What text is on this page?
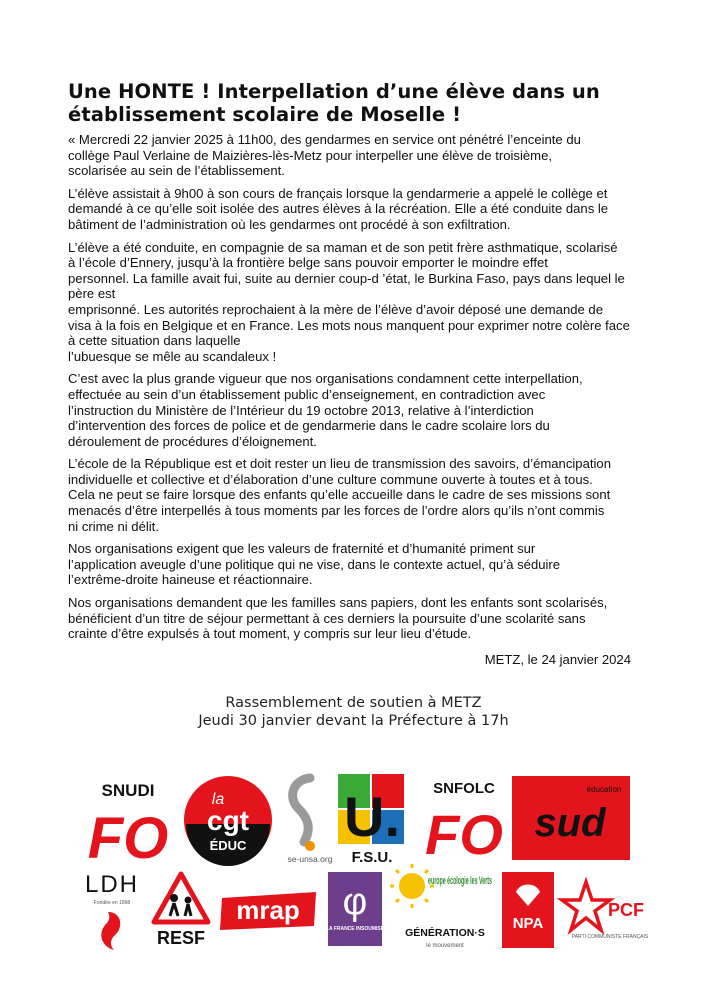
Une HONTE ! Interpellation d’une élève dans un
établissement scolaire de Moselle !
« Mercredi 22 janvier 2025 à 11h00, des gendarmes en service ont pénétré l’enceinte du
collège Paul Verlaine de Maizières-lès-Metz pour interpeller une élève de troisième,
scolarisée au sein de l’établissement.
L’élève assistait à 9h00 à son cours de français lorsque la gendarmerie a appelé le collège et
demandé à ce qu’elle soit isolée des autres élèves à la récréation. Elle a été conduite dans le
bâtiment de l’administration où les gendarmes ont procédé à son exfiltration.
L’élève a été conduite, en compagnie de sa maman et de son petit frère asthmatique, scolarisé
à l’école d’Ennery, jusqu’à la frontière belge sans pouvoir emporter le moindre effet
personnel. La famille avait fui, suite au dernier coup-d ’état, le Burkina Faso, pays dans lequel le
père est
emprisonné. Les autorités reprochaient à la mère de l’élève d’avoir déposé une demande de
visa à la fois en Belgique et en France. Les mots nous manquent pour exprimer notre colère face
à cette situation dans laquelle
l’ubuesque se mêle au scandaleux !
C’est avec la plus grande vigueur que nos organisations condamnent cette interpellation,
effectuée au sein d’un établissement public d’enseignement, en contradiction avec
l’instruction du Ministère de l’Intérieur du 19 octobre 2013, relative à l’interdiction
d’intervention des forces de police et de gendarmerie dans le cadre scolaire lors du
déroulement de procédures d’éloignement.
L’école de la République est et doit rester un lieu de transmission des savoirs, d’émancipation
individuelle et collective et d’élaboration d’une culture commune ouverte à toutes et à tous.
Cela ne peut se faire lorsque des enfants qu’elle accueille dans le cadre de ses missions sont
menacés d’être interpellés à tous moments par les forces de l’ordre alors qu’ils n’ont commis
ni crime ni délit.
Nos organisations exigent que les valeurs de fraternité et d’humanité priment sur
l’application aveugle d’une politique qui ne vise, dans le contexte actuel, qu’à séduire
l’extrême-droite haineuse et réactionnaire.
Nos organisations demandent que les familles sans papiers, dont les enfants sont scolarisés,
bénéficient d’un titre de séjour permettant à ces derniers la poursuite d’une scolarité sans
crainte d’être expulsés à tout moment, y compris sur leur lieu d’étude.
METZ, le 24 janvier 2024
Rassemblement de soutien à METZ
Jeudi 30 janvier devant la Préfecture à 17h
SNUDI
FO
la
cgt
ÉDUC
se-unsa.org
U.
F.S.U.
SNFOLC
FO
éducation
sud
LDH
Fondée en 1898
RESF
mrap φ
LA FRANCE INSOUMISE
europe écologie les Verts
GÉNÉRATION·S
le mouvement
NPA
PCF
PARTI COMMUNISTE FRANÇAIS
